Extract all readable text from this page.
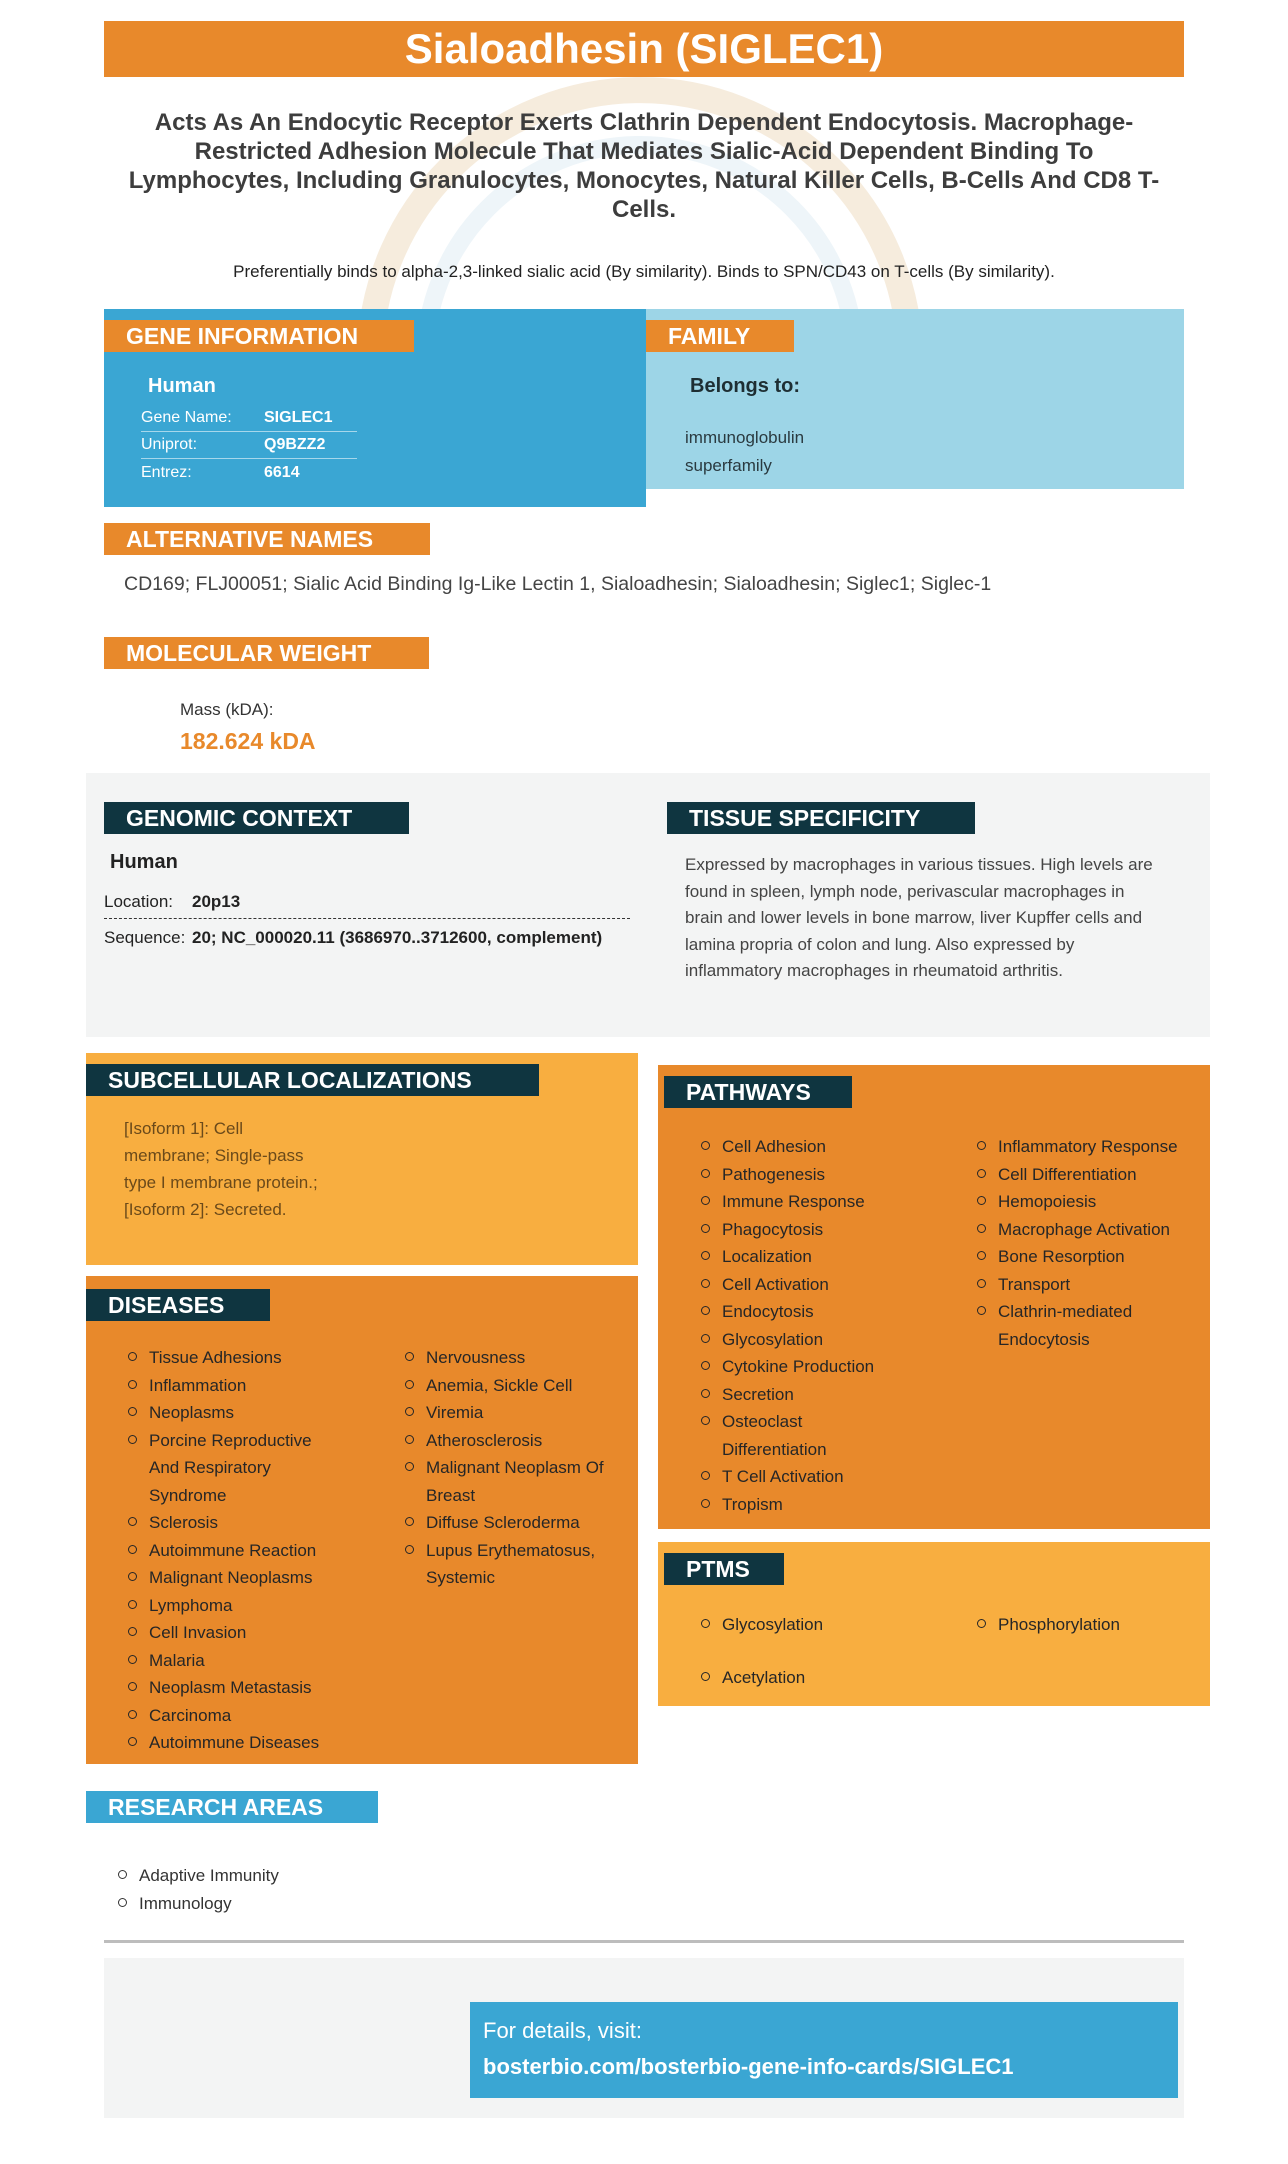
Sialoadhesin (SIGLEC1)
Acts As An Endocytic Receptor Exerts Clathrin Dependent Endocytosis. Macrophage-Restricted Adhesion Molecule That Mediates Sialic-Acid Dependent Binding To Lymphocytes, Including Granulocytes, Monocytes, Natural Killer Cells, B-Cells And CD8 T-Cells.
Preferentially binds to alpha-2,3-linked sialic acid (By similarity). Binds to SPN/CD43 on T-cells (By similarity).
GENE INFORMATION
Human
Gene Name:	SIGLEC1
Uniprot:	Q9BZZ2
Entrez:	6614
FAMILY
Belongs to:
immunoglobulin
superfamily
ALTERNATIVE NAMES
CD169; FLJ00051; Sialic Acid Binding Ig-Like Lectin 1, Sialoadhesin; Sialoadhesin; Siglec1; Siglec-1
MOLECULAR WEIGHT
Mass (kDA):
182.624 kDA
GENOMIC CONTEXT
Human
Location: 20p13
Sequence: 20; NC_000020.11 (3686970..3712600, complement)
TISSUE SPECIFICITY
Expressed by macrophages in various tissues. High levels are
found in spleen, lymph node, perivascular macrophages in
brain and lower levels in bone marrow, liver Kupffer cells and
lamina propria of colon and lung. Also expressed by
inflammatory macrophages in rheumatoid arthritis.
SUBCELLULAR LOCALIZATIONS
[Isoform 1]: Cell
membrane; Single-pass
type I membrane protein.;
[Isoform 2]: Secreted.
DISEASES
Tissue Adhesions
Inflammation
Neoplasms
Porcine Reproductive
And Respiratory
Syndrome
Sclerosis
Autoimmune Reaction
Malignant Neoplasms
Lymphoma
Cell Invasion
Malaria
Neoplasm Metastasis
Carcinoma
Autoimmune Diseases
Nervousness
Anemia, Sickle Cell
Viremia
Atherosclerosis
Malignant Neoplasm Of
Breast
Diffuse Scleroderma
Lupus Erythematosus,
Systemic
PATHWAYS
Cell Adhesion
Pathogenesis
Immune Response
Phagocytosis
Localization
Cell Activation
Endocytosis
Glycosylation
Cytokine Production
Secretion
Osteoclast
Differentiation
T Cell Activation
Tropism
Inflammatory Response
Cell Differentiation
Hemopoiesis
Macrophage Activation
Bone Resorption
Transport
Clathrin-mediated
Endocytosis
PTMS
Glycosylation
Acetylation
Phosphorylation
RESEARCH AREAS
Adaptive Immunity
Immunology
For details, visit:
bosterbio.com/bosterbio-gene-info-cards/SIGLEC1
